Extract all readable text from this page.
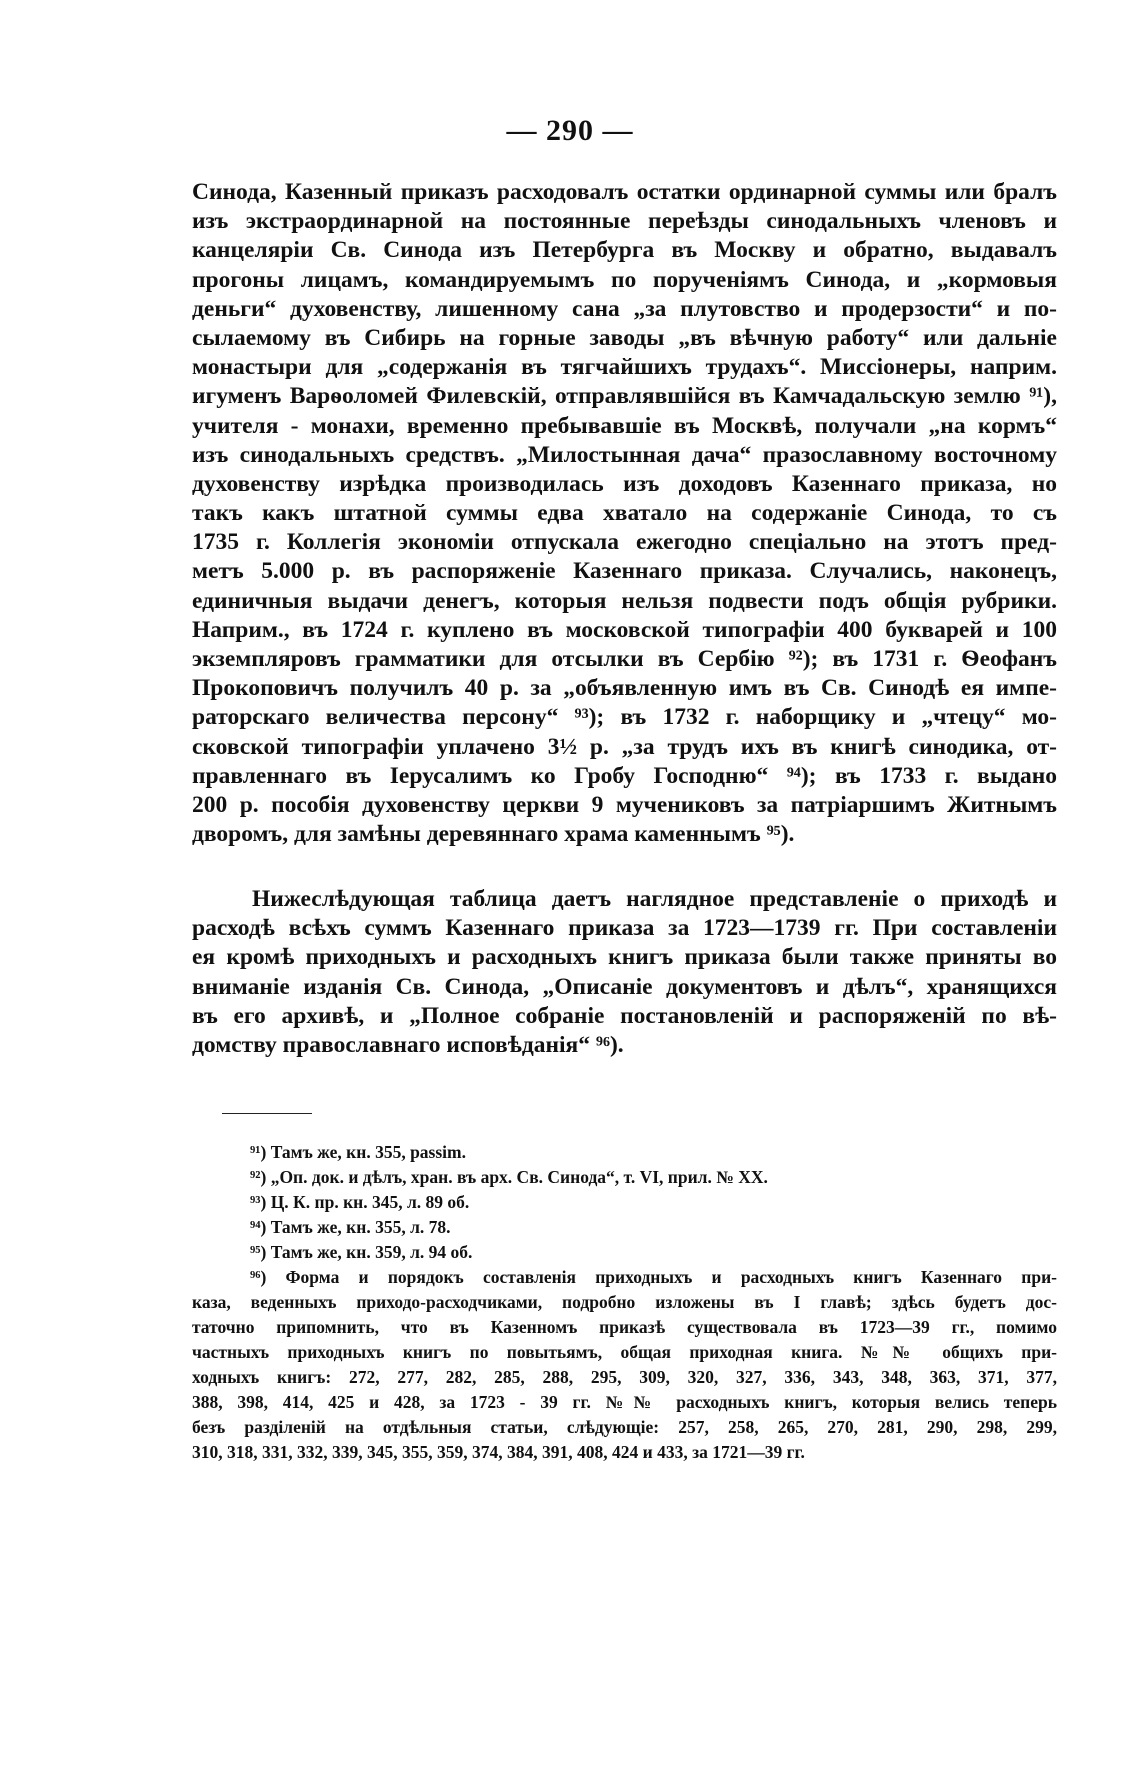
— 290 —
Синода, Казенный приказъ расходовалъ остатки ординарной суммы или бралъ
изъ экстраординарной на постоянные переѣзды синодальныхъ членовъ и
канцеляріи Св. Синода изъ Петербурга въ Москву и обратно, выдавалъ
прогоны лицамъ, командируемымъ по порученіямъ Синода, и „кормовыя
деньги“ духовенству, лишенному сана „за плутовство и продерзости“ и по-
сылаемому въ Сибирь на горные заводы „въ вѣчную работу“ или дальніе
монастыри для „содержанія въ тягчайшихъ трудахъ“. Миссіонеры, наприм.
игуменъ Варѳоломей Филевскій, отправлявшійся въ Камчадальскую землю ⁹¹),
учителя - монахи, временно пребывавшіе въ Москвѣ, получали „на кормъ“
изъ синодальныхъ средствъ. „Милостынная дача“ празославному восточному
духовенству изрѣдка производилась изъ доходовъ Казеннаго приказа, но
такъ какъ штатной суммы едва хватало на содержаніе Синода, то съ
1735 г. Коллегія экономіи отпускала ежегодно спеціально на этотъ пред-
метъ 5.000 р. въ распоряженіе Казеннаго приказа. Случались, наконецъ,
единичныя выдачи денегъ, которыя нельзя подвести подъ общія рубрики.
Наприм., въ 1724 г. куплено въ московской типографіи 400 букварей и 100
экземпляровъ грамматики для отсылки въ Сербію ⁹²); въ 1731 г. Ѳеофанъ
Прокоповичъ получилъ 40 р. за „объявленную имъ въ Св. Синодѣ ея импе-
раторскаго величества персону“ ⁹³); въ 1732 г. наборщику и „чтецу“ мо-
сковской типографіи уплачено 3½ р. „за трудъ ихъ въ книгѣ синодика, от-
правленнаго въ Іерусалимъ ко Гробу Господню“ ⁹⁴); въ 1733 г. выдано
200 р. пособія духовенству церкви 9 мучениковъ за патріаршимъ Житнымъ
дворомъ, для замѣны деревяннаго храма каменнымъ ⁹⁵).
Нижеслѣдующая таблица даетъ наглядное представленіе о приходѣ и
расходѣ всѣхъ суммъ Казеннаго приказа за 1723—1739 гг. При составленіи
ея кромѣ приходныхъ и расходныхъ книгъ приказа были также приняты во
вниманіе изданія Св. Синода, „Описаніе документовъ и дѣлъ“, хранящихся
въ его архивѣ, и „Полное собраніе постановленій и распоряженій по вѣ-
домству православнаго исповѣданія“ ⁹⁶).
⁹¹) Тамъ же, кн. 355, passim.
⁹²) „Оп. док. и дѣлъ, хран. въ арх. Св. Синода“, т. VI, прил. № XX.
⁹³) Ц. К. пр. кн. 345, л. 89 об.
⁹⁴) Тамъ же, кн. 355, л. 78.
⁹⁵) Тамъ же, кн. 359, л. 94 об.
⁹⁶) Форма и порядокъ составленія приходныхъ и расходныхъ книгъ Казеннаго при-
каза, веденныхъ приходо-расходчиками, подробно изложены въ I главѣ; здѣсь будетъ дос-
таточно припомнить, что въ Казенномъ приказѣ существовала въ 1723—39 гг., помимо
частныхъ приходныхъ книгъ по повытьямъ, общая приходная книга. №№ общихъ при-
ходныхъ книгъ: 272, 277, 282, 285, 288, 295, 309, 320, 327, 336, 343, 348, 363, 371, 377,
388, 398, 414, 425 и 428, за 1723 - 39 гг. №№ расходныхъ книгъ, которыя велись теперь
безъ разділеній на отдѣльныя статьи, слѣдующіе: 257, 258, 265, 270, 281, 290, 298, 299,
310, 318, 331, 332, 339, 345, 355, 359, 374, 384, 391, 408, 424 и 433, за 1721—39 гг.
